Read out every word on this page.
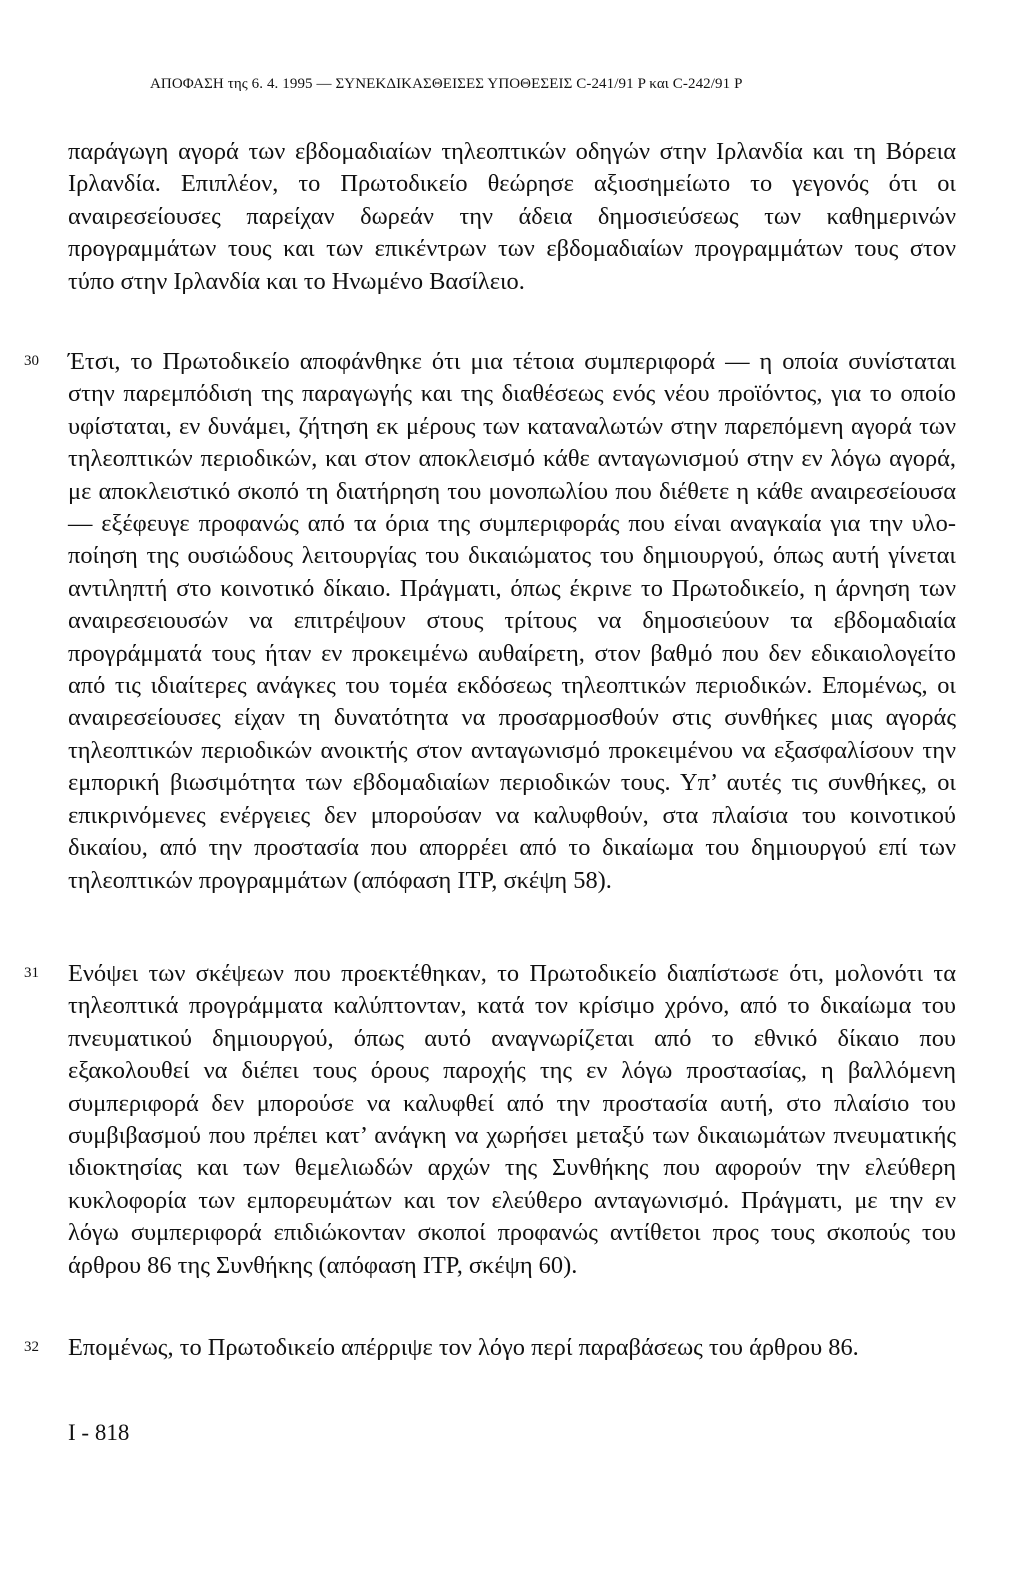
ΑΠΟΦΑΣΗ της 6. 4. 1995 — ΣΥΝΕΚΔΙΚΑΣΘΕΙΣΕΣ ΥΠΟΘΕΣΕΙΣ C-241/91 P και C-242/91 P

παράγωγη αγορά των εβδομαδιαίων τηλεοπτικών οδηγών στην Ιρλανδία και τη Βόρεια Ιρλανδία. Επιπλέον, το Πρωτοδικείο θεώρησε αξιοσημείωτο το γεγονός ότι οι αναιρεσείουσες παρείχαν δωρεάν την άδεια δημοσιεύσεως των καθημερινών προγραμμάτων τους και των επικέντρων των εβδομαδιαίων προγραμμάτων τους στον τύπο στην Ιρλανδία και το Ηνωμένο Βασίλειο.

30	Έτσι, το Πρωτοδικείο αποφάνθηκε ότι μια τέτοια συμπεριφορά — η οποία συνίσταται στην παρεμπόδιση της παραγωγής και της διαθέσεως ενός νέου προϊόντος, για το οποίο υφίσταται, εν δυνάμει, ζήτηση εκ μέρους των καταναλωτών στην παρεπόμενη αγορά των τηλεοπτικών περιοδικών, και στον αποκλεισμό κάθε ανταγωνισμού στην εν λόγω αγορά, με αποκλειστικό σκοπό τη διατήρηση του μονοπωλίου που διέθετε η κάθε αναιρεσείουσα — εξέφευγε προφανώς από τα όρια της συμπεριφοράς που είναι αναγκαία για την υλοποίηση της ουσιώδους λειτουργίας του δικαιώματος του δημιουργού, όπως αυτή γίνεται αντιληπτή στο κοινοτικό δίκαιο. Πράγματι, όπως έκρινε το Πρωτοδικείο, η άρνηση των αναιρεσειουσών να επιτρέψουν στους τρίτους να δημοσιεύουν τα εβδομαδιαία προγράμματά τους ήταν εν προκειμένω αυθαίρετη, στον βαθμό που δεν εδικαιολογείτο από τις ιδιαίτερες ανάγκες του τομέα εκδόσεως τηλεοπτικών περιοδικών. Επομένως, οι αναιρεσείουσες είχαν τη δυνατότητα να προσαρμοσθούν στις συνθήκες μιας αγοράς τηλεοπτικών περιοδικών ανοικτής στον ανταγωνισμό προκειμένου να εξασφαλίσουν την εμπορική βιωσιμότητα των εβδομαδιαίων περιοδικών τους. Υπ’ αυτές τις συνθήκες, οι επικρινόμενες ενέργειες δεν μπορούσαν να καλυφθούν, στα πλαίσια του κοινοτικού δικαίου, από την προστασία που απορρέει από το δικαίωμα του δημιουργού επί των τηλεοπτικών προγραμμάτων (απόφαση ΙΤΡ, σκέψη 58).

31	Ενόψει των σκέψεων που προεκτέθηκαν, το Πρωτοδικείο διαπίστωσε ότι, μολονότι τα τηλεοπτικά προγράμματα καλύπτονταν, κατά τον κρίσιμο χρόνο, από το δικαίωμα του πνευματικού δημιουργού, όπως αυτό αναγνωρίζεται από το εθνικό δίκαιο που εξακολουθεί να διέπει τους όρους παροχής της εν λόγω προστασίας, η βαλλόμενη συμπεριφορά δεν μπορούσε να καλυφθεί από την προστασία αυτή, στο πλαίσιο του συμβιβασμού που πρέπει κατ’ ανάγκη να χωρήσει μεταξύ των δικαιωμάτων πνευματικής ιδιοκτησίας και των θεμελιωδών αρχών της Συνθήκης που αφορούν την ελεύθερη κυκλοφορία των εμπορευμάτων και τον ελεύθερο ανταγωνισμό. Πράγματι, με την εν λόγω συμπεριφορά επιδιώκονταν σκοποί προφανώς αντίθετοι προς τους σκοπούς του άρθρου 86 της Συνθήκης (απόφαση ΙΤΡ, σκέψη 60).

32	Επομένως, το Πρωτοδικείο απέρριψε τον λόγο περί παραβάσεως του άρθρου 86.

I - 818
